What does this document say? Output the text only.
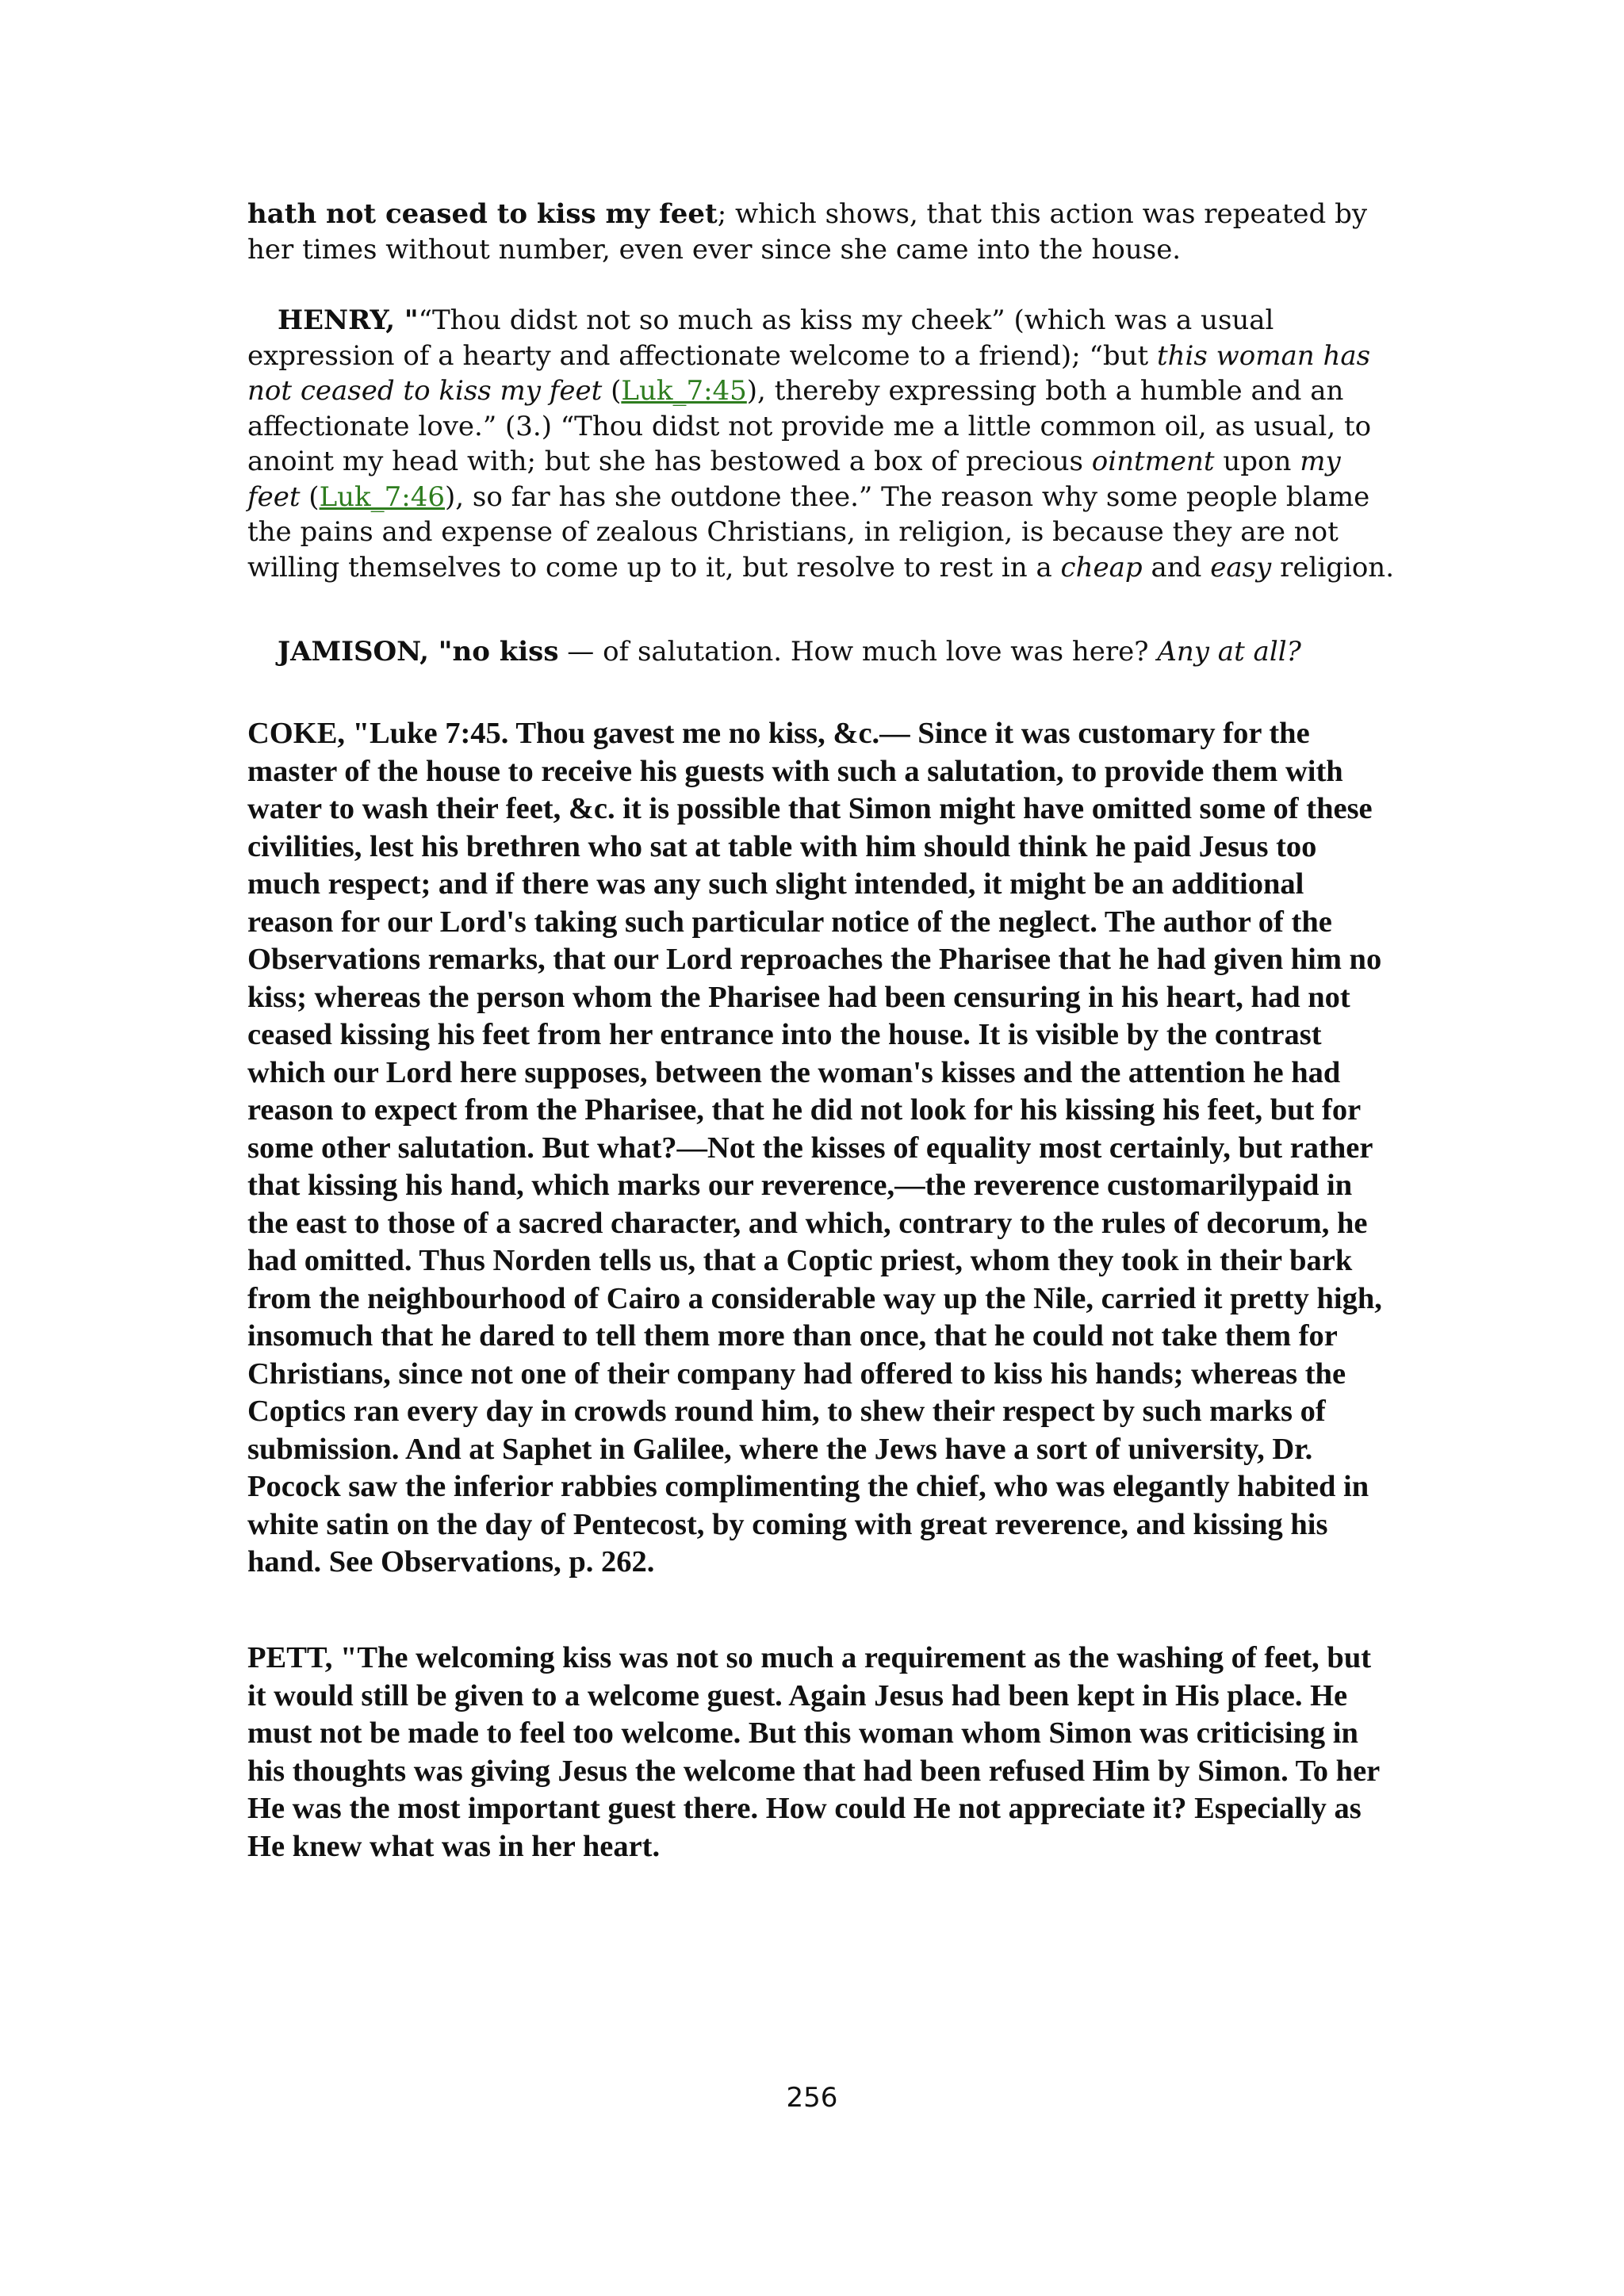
hath not ceased to kiss my feet; which shows, that this action was repeated by her times without number, even ever since she came into the house.

HENRY, "“Thou didst not so much as kiss my cheek” (which was a usual expression of a hearty and affectionate welcome to a friend); “but this woman has not ceased to kiss my feet (Luk_7:45), thereby expressing both a humble and an affectionate love.” (3.) “Thou didst not provide me a little common oil, as usual, to anoint my head with; but she has bestowed a box of precious ointment upon my feet (Luk_7:46), so far has she outdone thee.” The reason why some people blame the pains and expense of zealous Christians, in religion, is because they are not willing themselves to come up to it, but resolve to rest in a cheap and easy religion.

JAMISON, "no kiss — of salutation. How much love was here? Any at all?

COKE, "Luke 7:45. Thou gavest me no kiss, &c.— Since it was customary for the master of the house to receive his guests with such a salutation, to provide them with water to wash their feet, &c. it is possible that Simon might have omitted some of these civilities, lest his brethren who sat at table with him should think he paid Jesus too much respect; and if there was any such slight intended, it might be an additional reason for our Lord's taking such particular notice of the neglect. The author of the Observations remarks, that our Lord reproaches the Pharisee that he had given him no kiss; whereas the person whom the Pharisee had been censuring in his heart, had not ceased kissing his feet from her entrance into the house. It is visible by the contrast which our Lord here supposes, between the woman's kisses and the attention he had reason to expect from the Pharisee, that he did not look for his kissing his feet, but for some other salutation. But what?—Not the kisses of equality most certainly, but rather that kissing his hand, which marks our reverence,—the reverence customarilypaid in the east to those of a sacred character, and which, contrary to the rules of decorum, he had omitted. Thus Norden tells us, that a Coptic priest, whom they took in their bark from the neighbourhood of Cairo a considerable way up the Nile, carried it pretty high, insomuch that he dared to tell them more than once, that he could not take them for Christians, since not one of their company had offered to kiss his hands; whereas the Coptics ran every day in crowds round him, to shew their respect by such marks of submission. And at Saphet in Galilee, where the Jews have a sort of university, Dr. Pocock saw the inferior rabbies complimenting the chief, who was elegantly habited in white satin on the day of Pentecost, by coming with great reverence, and kissing his hand. See Observations, p. 262.

PETT, "The welcoming kiss was not so much a requirement as the washing of feet, but it would still be given to a welcome guest. Again Jesus had been kept in His place. He must not be made to feel too welcome. But this woman whom Simon was criticising in his thoughts was giving Jesus the welcome that had been refused Him by Simon. To her He was the most important guest there. How could He not appreciate it? Especially as He knew what was in her heart.

256
